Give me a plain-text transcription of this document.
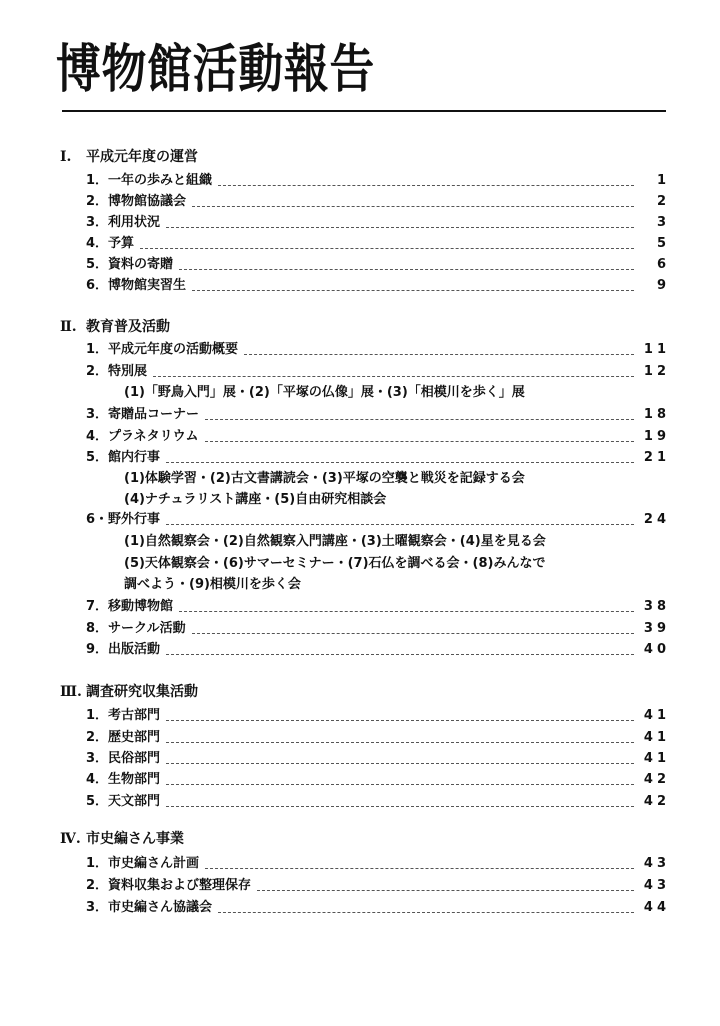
博物館活動報告
Ⅰ. 平成元年度の運営
1．一年の歩みと組織	1
2．博物館協議会	2
3．利用状況	3
4．予算	5
5．資料の寄贈	6
6．博物館実習生	9
Ⅱ. 教育普及活動
1．平成元年度の活動概要	11
2．特別展	12
(1)「野鳥入門」展・(2)「平塚の仏像」展・(3)「相模川を歩く」展
3．寄贈品コーナー	18
4．プラネタリウム	19
5．館内行事	21
(1)体験学習・(2)古文書講読会・(3)平塚の空襲と戦災を記録する会
(4)ナチュラリスト講座・(5)自由研究相談会
6・野外行事	24
(1)自然観察会・(2)自然観察入門講座・(3)土曜観察会・(4)星を見る会
(5)天体観察会・(6)サマーセミナー・(7)石仏を調べる会・(8)みんなで
調べよう・(9)相模川を歩く会
7．移動博物館	38
8．サークル活動	39
9．出版活動	40
Ⅲ. 調査研究収集活動
1．考古部門	41
2．歴史部門	41
3．民俗部門	41
4．生物部門	42
5．天文部門	42
Ⅳ. 市史編さん事業
1．市史編さん計画	43
2．資料収集および整理保存	43
3．市史編さん協議会	44
